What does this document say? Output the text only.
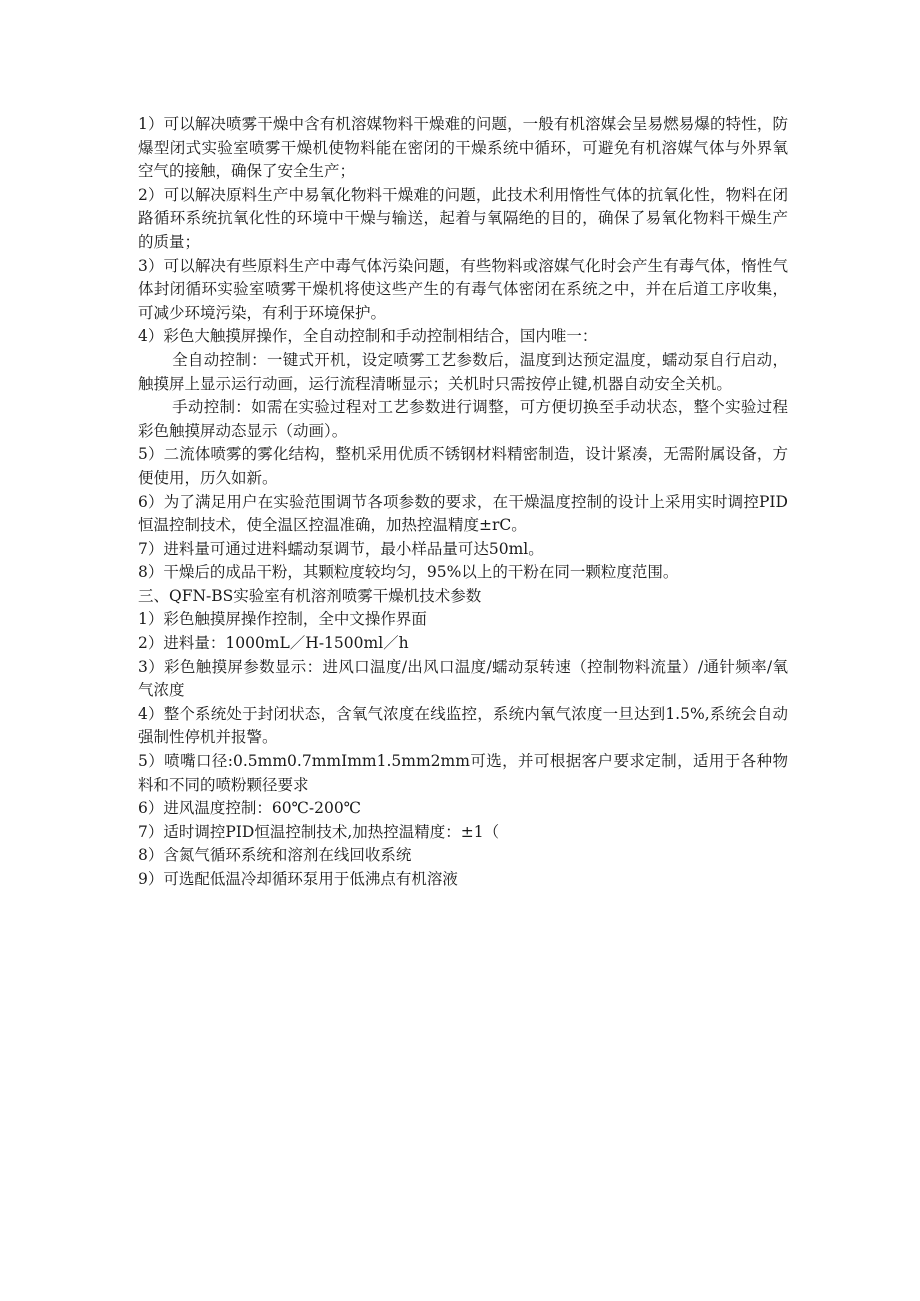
1）可以解决喷雾干燥中含有机溶媒物料干燥难的问题，一般有机溶媒会呈易燃易爆的特性，防爆型闭式实验室喷雾干燥机使物料能在密闭的干燥系统中循环，可避免有机溶媒气体与外界氧空气的接触，确保了安全生产；

2）可以解决原料生产中易氧化物料干燥难的问题，此技术利用惰性气体的抗氧化性，物料在闭路循环系统抗氧化性的环境中干燥与输送，起着与氧隔绝的目的，确保了易氧化物料干燥生产的质量；

3）可以解决有些原料生产中毒气体污染问题，有些物料或溶媒气化时会产生有毒气体，惰性气体封闭循环实验室喷雾干燥机将使这些产生的有毒气体密闭在系统之中，并在后道工序收集，可减少环境污染，有利于环境保护。

4）彩色大触摸屏操作，全自动控制和手动控制相结合，国内唯一：

全自动控制：一键式开机，设定喷雾工艺参数后，温度到达预定温度，蠕动泵自行启动，触摸屏上显示运行动画，运行流程清晰显示；关机时只需按停止键,机器自动安全关机。

手动控制：如需在实验过程对工艺参数进行调整，可方便切换至手动状态，整个实验过程彩色触摸屏动态显示（动画）。

5）二流体喷雾的雾化结构，整机采用优质不锈钢材料精密制造，设计紧凑，无需附属设备，方便使用，历久如新。

6）为了满足用户在实验范围调节各项参数的要求，在干燥温度控制的设计上采用实时调控PID恒温控制技术，使全温区控温准确，加热控温精度±rC。

7）进料量可通过进料蠕动泵调节，最小样品量可达50ml。

8）干燥后的成品干粉，其颗粒度较均匀，95%以上的干粉在同一颗粒度范围。

三、QFN-BS实验室有机溶剂喷雾干燥机技术参数

1）彩色触摸屏操作控制，全中文操作界面

2）进料量：1000mL／H-1500ml／h

3）彩色触摸屏参数显示：进风口温度/出风口温度/蠕动泵转速（控制物料流量）/通针频率/氧气浓度

4）整个系统处于封闭状态，含氧气浓度在线监控，系统内氧气浓度一旦达到1.5%,系统会自动强制性停机并报警。

5）喷嘴口径:0.5mm0.7mmImm1.5mm2mm可选，并可根据客户要求定制，适用于各种物料和不同的喷粉颗径要求

6）进风温度控制：60℃-200℃

7）适时调控PID恒温控制技术,加热控温精度：±1（

8）含氮气循环系统和溶剂在线回收系统

9）可选配低温冷却循环泵用于低沸点有机溶液
